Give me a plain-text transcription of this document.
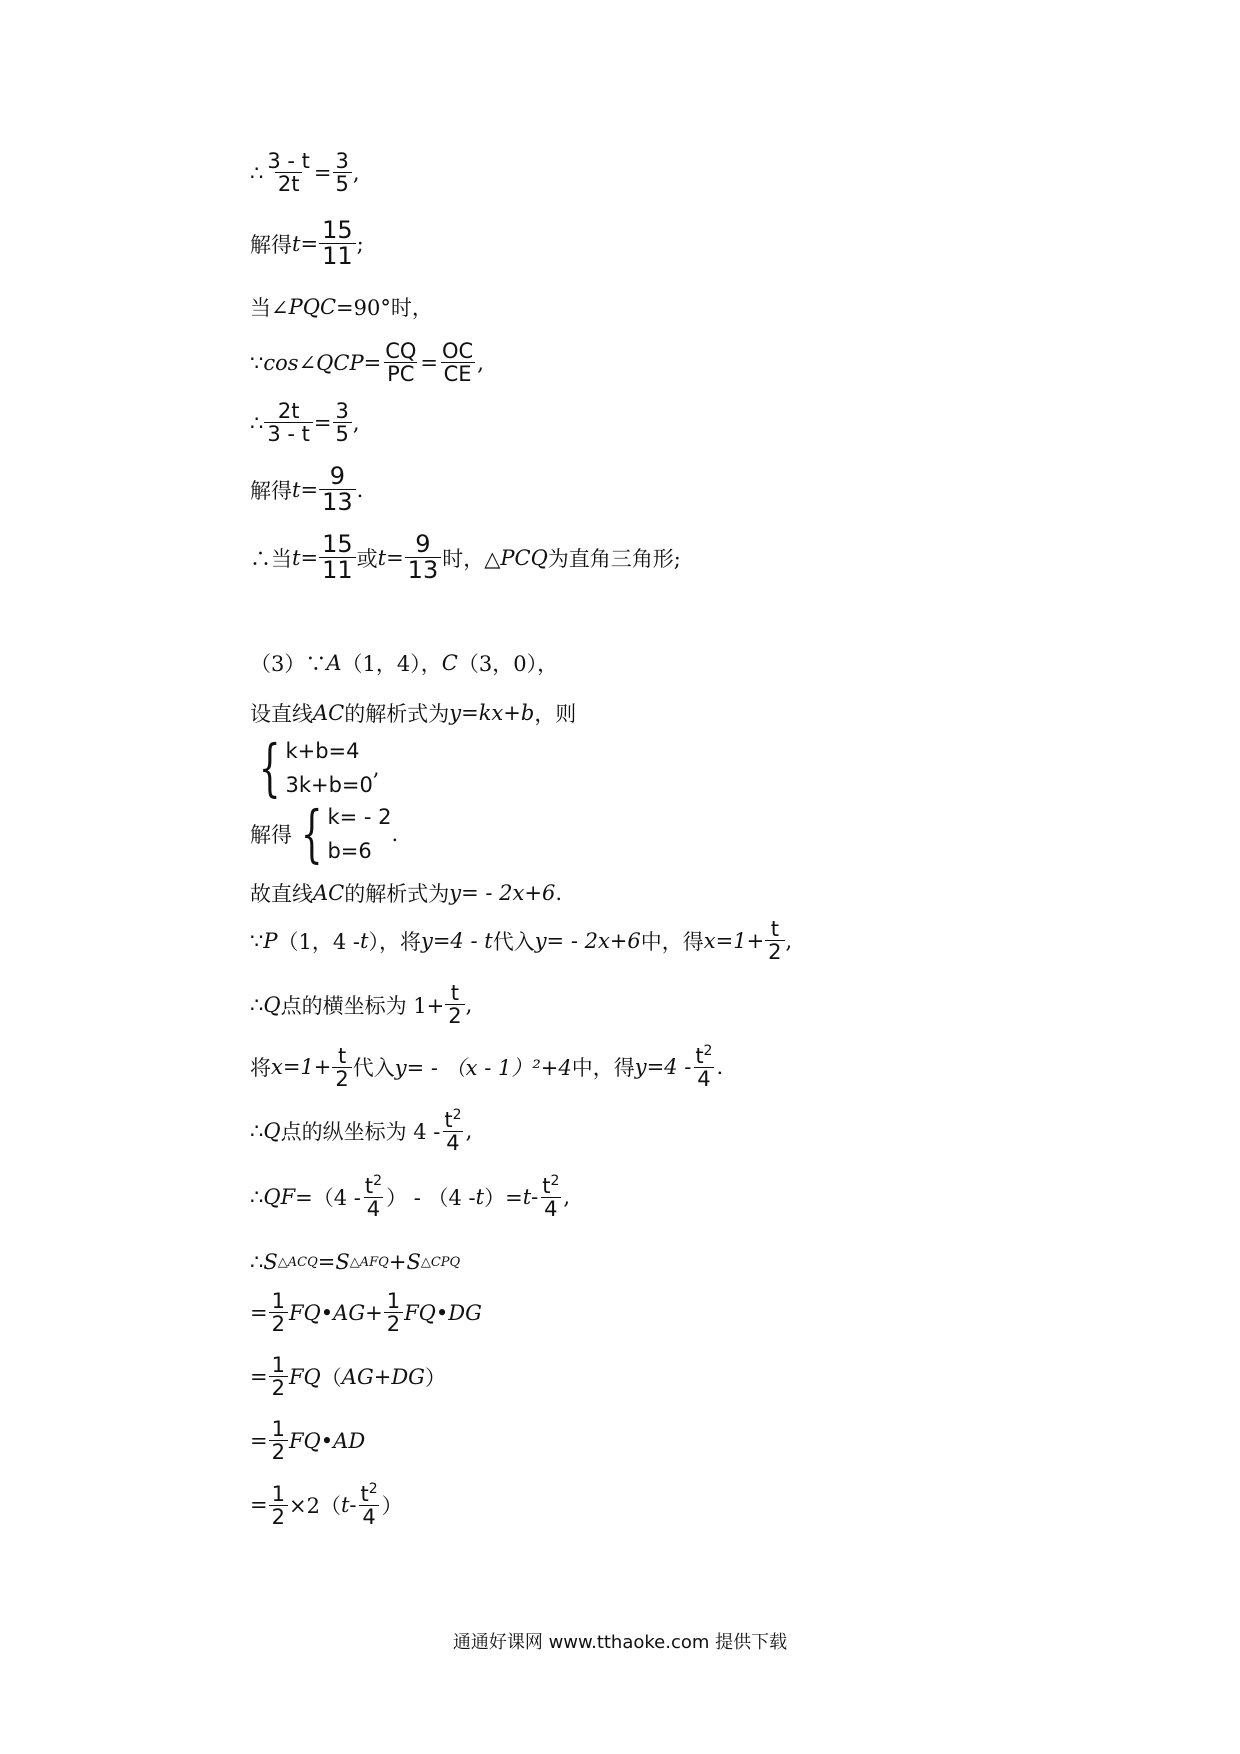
∴ $\frac{3 - t}{2t} = \frac{3}{5}$ ,
解得 $t = \frac{15}{11}$ ;
当∠ PQC =90°时，
∵ cos ∠QCP = $\frac{CQ}{PC} = \frac{OC}{CE}$ ,
∴ $\frac{2t}{3 - t} = \frac{3}{5}$ ,
解得 $t = \frac{9}{13}$ .
∴当 $t = \frac{15}{11}$ 或 $t = \frac{9}{13}$ 时，△ PCQ 为直角三角形;
（3）∵ A （1，4）， C （3，0），
设直线 AC 的解析式为 y=kx+b ，则
{ k+b=4
3k+b=0
,
解得 { k= - 2
b=6
.
故直线 AC 的解析式为 y= - 2x+6 .
∵ P （1，4 - t ），将 y=4 - t 代入 y= - 2x+6 中，得 $x=1+ \frac{t}{2}$ ,
∴ Q 点的横坐标为 $1+ \frac{t}{2}$ ,
将 $x=1+ \frac{t}{2}$ 代入 y= - （x - 1）²+4 中，得 $y=4 - t^2$
4 .
∴ Q 点的纵坐标为 4 -
$t^2$
4 ,
∴ QF =（4 -
$t^2$
4 ） - （4 - t ）= t - $t^2$
4 ,
∴ S △ACQ = S △AFQ + S △CPQ
= $\frac{1}{2}$ FQ•AG+ $\frac{1}{2}$ FQ•DG
= $\frac{1}{2}$ FQ （ AG+DG ）
= $\frac{1}{2}$ FQ•AD
= $\frac{1}{2} \times 2$（ t - $t^2$
4 ）
通通好课网 www.tthaoke.com 提供下载
